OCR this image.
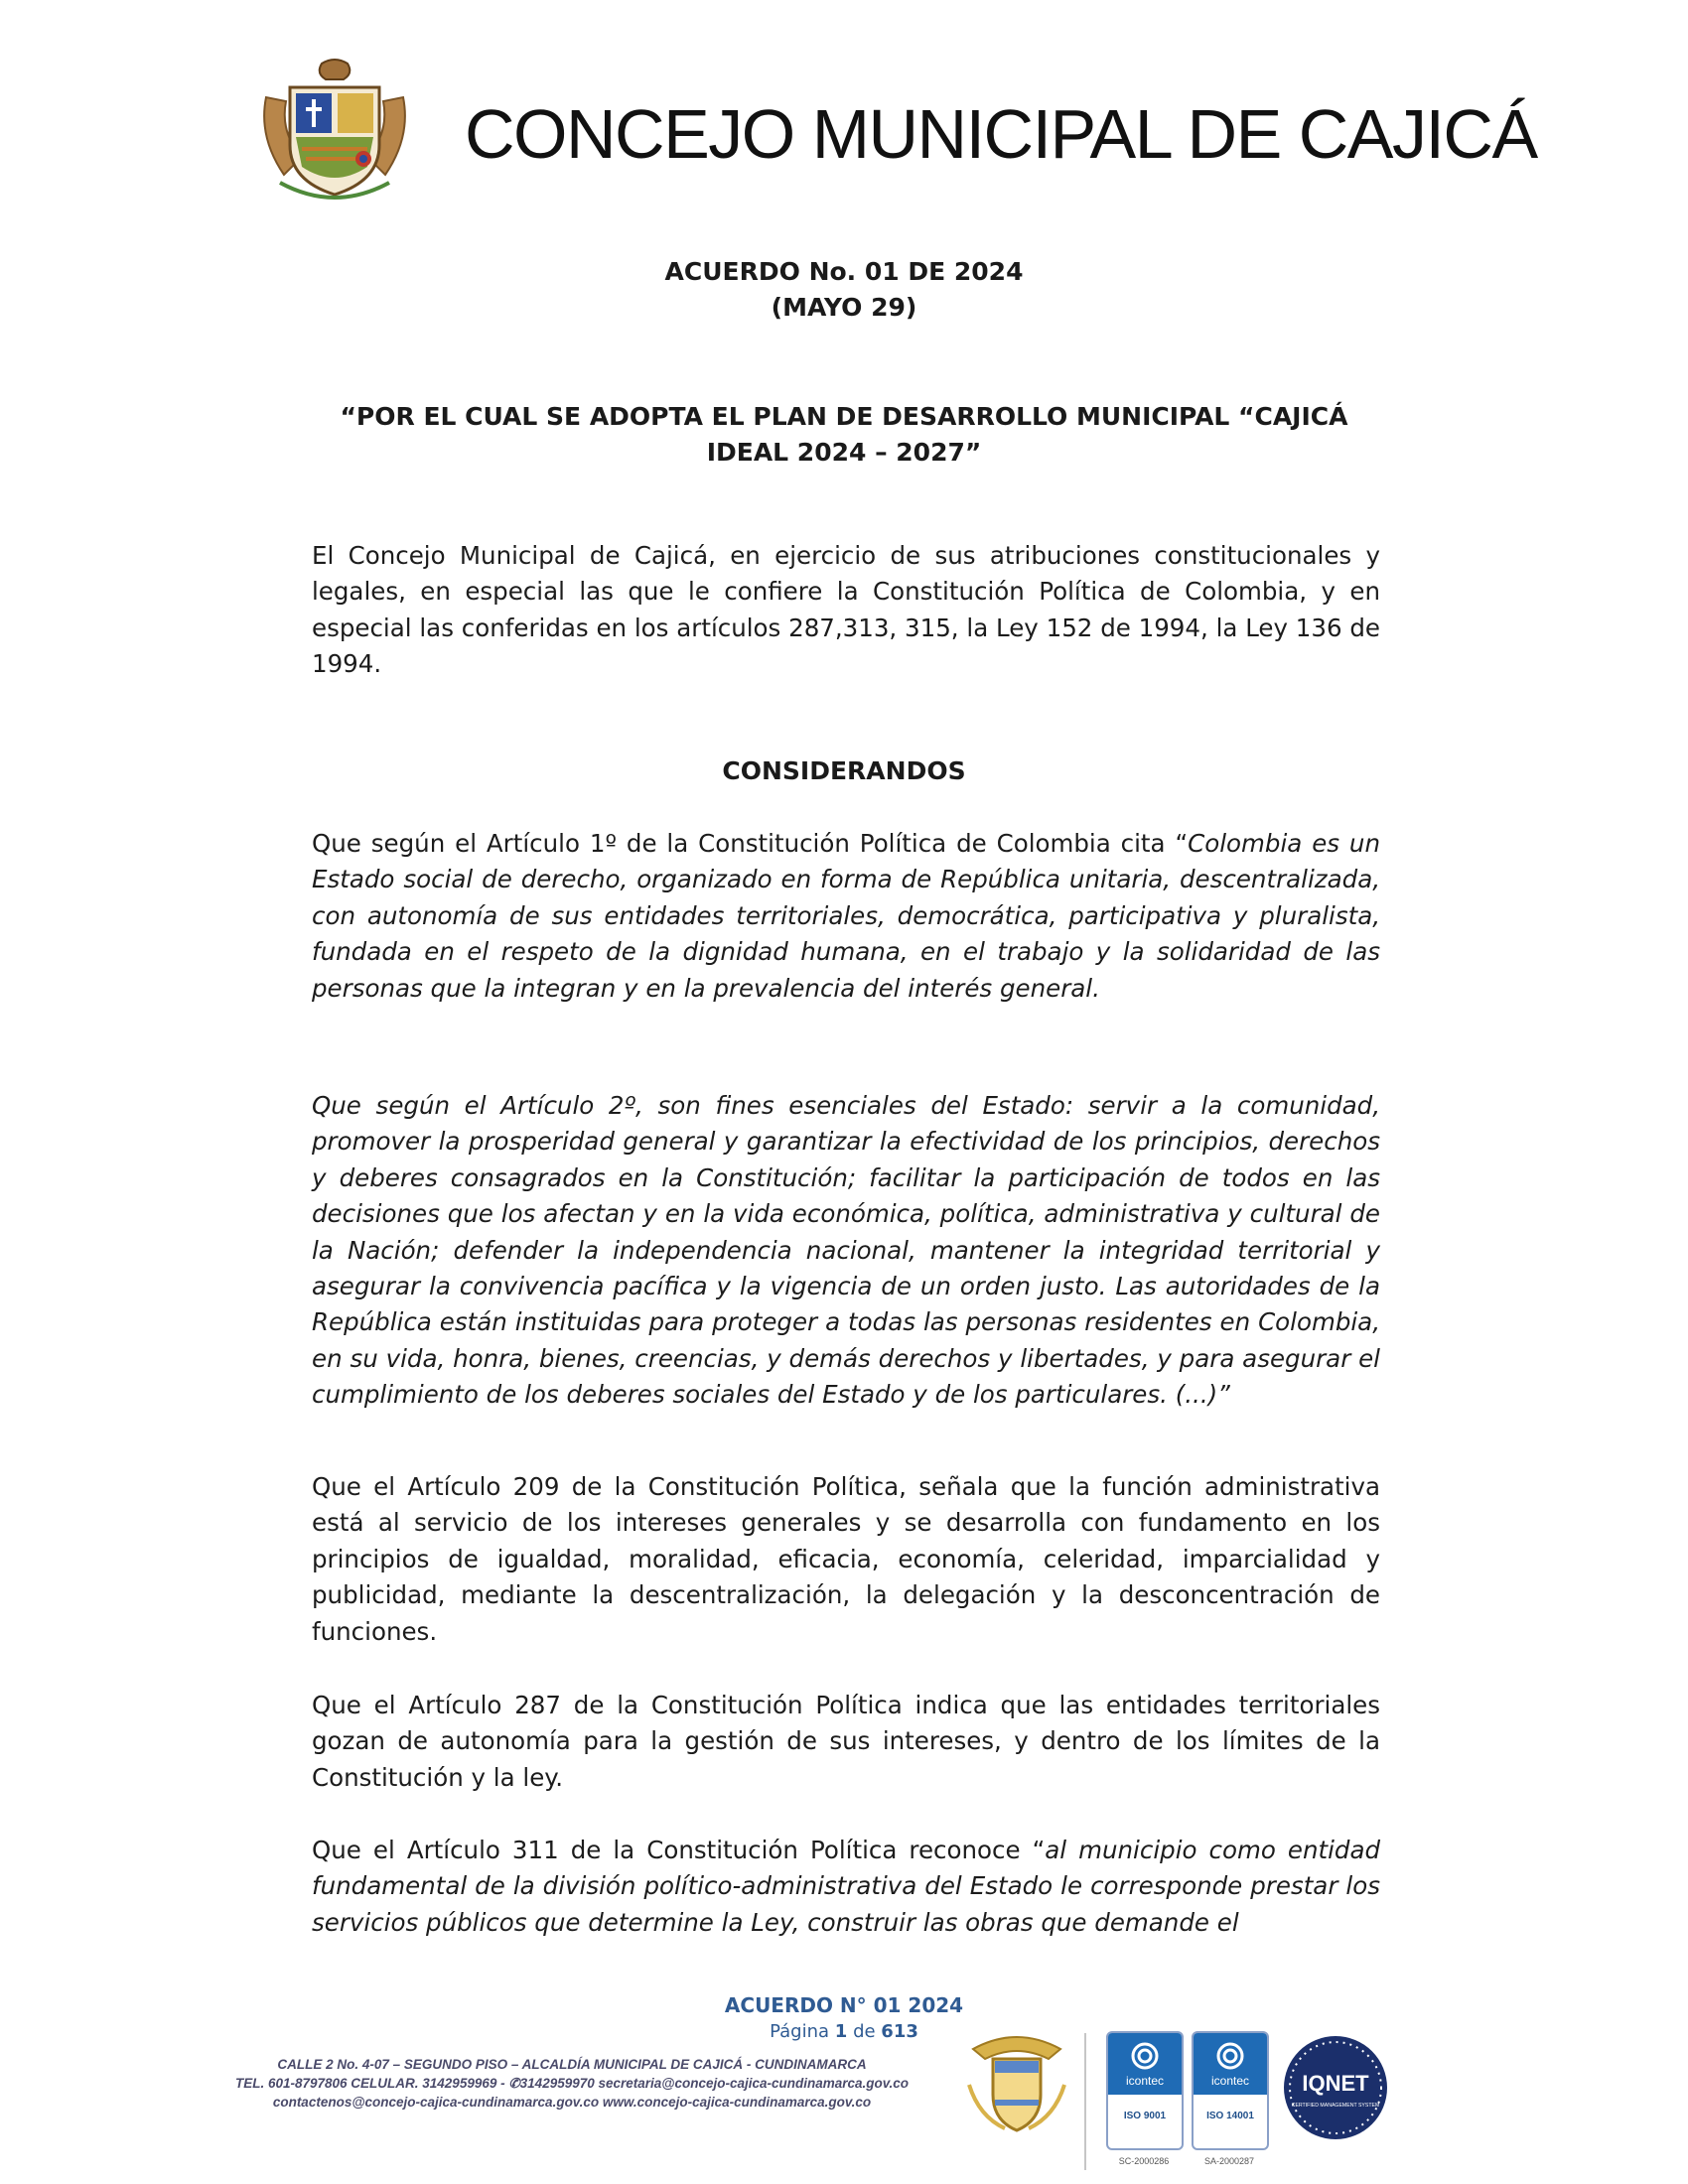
CONCEJO MUNICIPAL DE CAJICÁ
ACUERDO No. 01 DE 2024
(MAYO 29)
“POR EL CUAL SE ADOPTA EL PLAN DE DESARROLLO MUNICIPAL “CAJICÁ IDEAL 2024 – 2027”

El Concejo Municipal de Cajicá, en ejercicio de sus atribuciones constitucionales y legales, en especial las que le confiere la Constitución Política de Colombia, y en especial las conferidas en los artículos 287,313, 315, la Ley 152 de 1994, la Ley 136 de 1994.

CONSIDERANDOS

Que según el Artículo 1º de la Constitución Política de Colombia cita “Colombia es un Estado social de derecho, organizado en forma de República unitaria, descentralizada, con autonomía de sus entidades territoriales, democrática, participativa y pluralista, fundada en el respeto de la dignidad humana, en el trabajo y la solidaridad de las personas que la integran y en la prevalencia del interés general.

Que según el Artículo 2º, son fines esenciales del Estado: servir a la comunidad, promover la prosperidad general y garantizar la efectividad de los principios, derechos y deberes consagrados en la Constitución; facilitar la participación de todos en las decisiones que los afectan y en la vida económica, política, administrativa y cultural de la Nación; defender la independencia nacional, mantener la integridad territorial y asegurar la convivencia pacífica y la vigencia de un orden justo. Las autoridades de la República están instituidas para proteger a todas las personas residentes en Colombia, en su vida, honra, bienes, creencias, y demás derechos y libertades, y para asegurar el cumplimiento de los deberes sociales del Estado y de los particulares. (...)”

Que el Artículo 209 de la Constitución Política, señala que la función administrativa está al servicio de los intereses generales y se desarrolla con fundamento en los principios de igualdad, moralidad, eficacia, economía, celeridad, imparcialidad y publicidad, mediante la descentralización, la delegación y la desconcentración de funciones.

Que el Artículo 287 de la Constitución Política indica que las entidades territoriales gozan de autonomía para la gestión de sus intereses, y dentro de los límites de la Constitución y la ley.

Que el Artículo 311 de la Constitución Política reconoce “al municipio como entidad fundamental de la división político-administrativa del Estado le corresponde prestar los servicios públicos que determine la Ley, construir las obras que demande el

ACUERDO N° 01 2024
Página 1 de 613
CALLE 2 No. 4-07 – SEGUNDO PISO – ALCALDÍA MUNICIPAL DE CAJICÁ - CUNDINAMARCA
TEL. 601-8797806 CELULAR. 3142959969 - ✆3142959970 secretaria@concejo-cajica-cundinamarca.gov.co
contactenos@concejo-cajica-cundinamarca.gov.co www.concejo-cajica-cundinamarca.gov.co
icontec
ISO 9001
SC-2000286
icontec
ISO 14001
SA-2000287
IQNET
CERTIFIED MANAGEMENT SYSTEM
